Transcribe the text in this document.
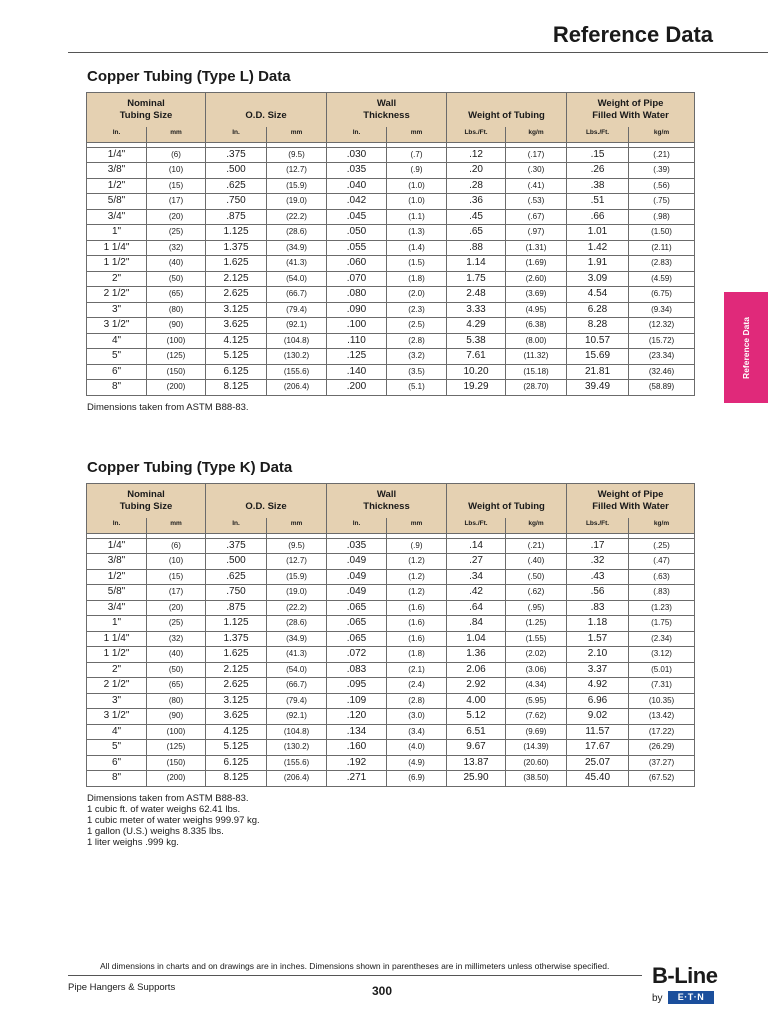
Reference Data
Reference Data
Copper Tubing (Type L) Data
Nominal
Tubing Size		O.D. Size		Wall
Thickness		Weight of Tubing		Weight of Pipe
Filled With Water	
In.	mm	In.	mm	In.	mm	Lbs./Ft.	kg/m	Lbs./Ft.	kg/m

1/4"	(6)	.375	(9.5)	.030	(.7)	.12	(.17)	.15	(.21)
3/8"	(10)	.500	(12.7)	.035	(.9)	.20	(.30)	.26	(.39)
1/2"	(15)	.625	(15.9)	.040	(1.0)	.28	(.41)	.38	(.56)
5/8"	(17)	.750	(19.0)	.042	(1.0)	.36	(.53)	.51	(.75)
3/4"	(20)	.875	(22.2)	.045	(1.1)	.45	(.67)	.66	(.98)
1"	(25)	1.125	(28.6)	.050	(1.3)	.65	(.97)	1.01	(1.50)
1 1/4"	(32)	1.375	(34.9)	.055	(1.4)	.88	(1.31)	1.42	(2.11)
1 1/2"	(40)	1.625	(41.3)	.060	(1.5)	1.14	(1.69)	1.91	(2.83)
2"	(50)	2.125	(54.0)	.070	(1.8)	1.75	(2.60)	3.09	(4.59)
2 1/2"	(65)	2.625	(66.7)	.080	(2.0)	2.48	(3.69)	4.54	(6.75)
3"	(80)	3.125	(79.4)	.090	(2.3)	3.33	(4.95)	6.28	(9.34)
3 1/2"	(90)	3.625	(92.1)	.100	(2.5)	4.29	(6.38)	8.28	(12.32)
4"	(100)	4.125	(104.8)	.110	(2.8)	5.38	(8.00)	10.57	(15.72)
5"	(125)	5.125	(130.2)	.125	(3.2)	7.61	(11.32)	15.69	(23.34)
6"	(150)	6.125	(155.6)	.140	(3.5)	10.20	(15.18)	21.81	(32.46)
8"	(200)	8.125	(206.4)	.200	(5.1)	19.29	(28.70)	39.49	(58.89)
Dimensions taken from ASTM B88-83.
Copper Tubing (Type K) Data
Nominal
Tubing Size		O.D. Size		Wall
Thickness		Weight of Tubing		Weight of Pipe
Filled With Water	
In.	mm	In.	mm	In.	mm	Lbs./Ft.	kg/m	Lbs./Ft.	kg/m

1/4"	(6)	.375	(9.5)	.035	(.9)	.14	(.21)	.17	(.25)
3/8"	(10)	.500	(12.7)	.049	(1.2)	.27	(.40)	.32	(.47)
1/2"	(15)	.625	(15.9)	.049	(1.2)	.34	(.50)	.43	(.63)
5/8"	(17)	.750	(19.0)	.049	(1.2)	.42	(.62)	.56	(.83)
3/4"	(20)	.875	(22.2)	.065	(1.6)	.64	(.95)	.83	(1.23)
1"	(25)	1.125	(28.6)	.065	(1.6)	.84	(1.25)	1.18	(1.75)
1 1/4"	(32)	1.375	(34.9)	.065	(1.6)	1.04	(1.55)	1.57	(2.34)
1 1/2"	(40)	1.625	(41.3)	.072	(1.8)	1.36	(2.02)	2.10	(3.12)
2"	(50)	2.125	(54.0)	.083	(2.1)	2.06	(3.06)	3.37	(5.01)
2 1/2"	(65)	2.625	(66.7)	.095	(2.4)	2.92	(4.34)	4.92	(7.31)
3"	(80)	3.125	(79.4)	.109	(2.8)	4.00	(5.95)	6.96	(10.35)
3 1/2"	(90)	3.625	(92.1)	.120	(3.0)	5.12	(7.62)	9.02	(13.42)
4"	(100)	4.125	(104.8)	.134	(3.4)	6.51	(9.69)	11.57	(17.22)
5"	(125)	5.125	(130.2)	.160	(4.0)	9.67	(14.39)	17.67	(26.29)
6"	(150)	6.125	(155.6)	.192	(4.9)	13.87	(20.60)	25.07	(37.27)
8"	(200)	8.125	(206.4)	.271	(6.9)	25.90	(38.50)	45.40	(67.52)
Dimensions taken from ASTM B88-83.
1 cubic ft. of water weighs 62.41 lbs.
1 cubic meter of water weighs 999.97 kg.
1 gallon (U.S.) weighs 8.335 lbs.
1 liter weighs .999 kg.
All dimensions in charts and on drawings are in inches. Dimensions shown in parentheses are in millimeters unless otherwise specified.
Pipe Hangers & Supports	300
B-Line
by	E·T·N
